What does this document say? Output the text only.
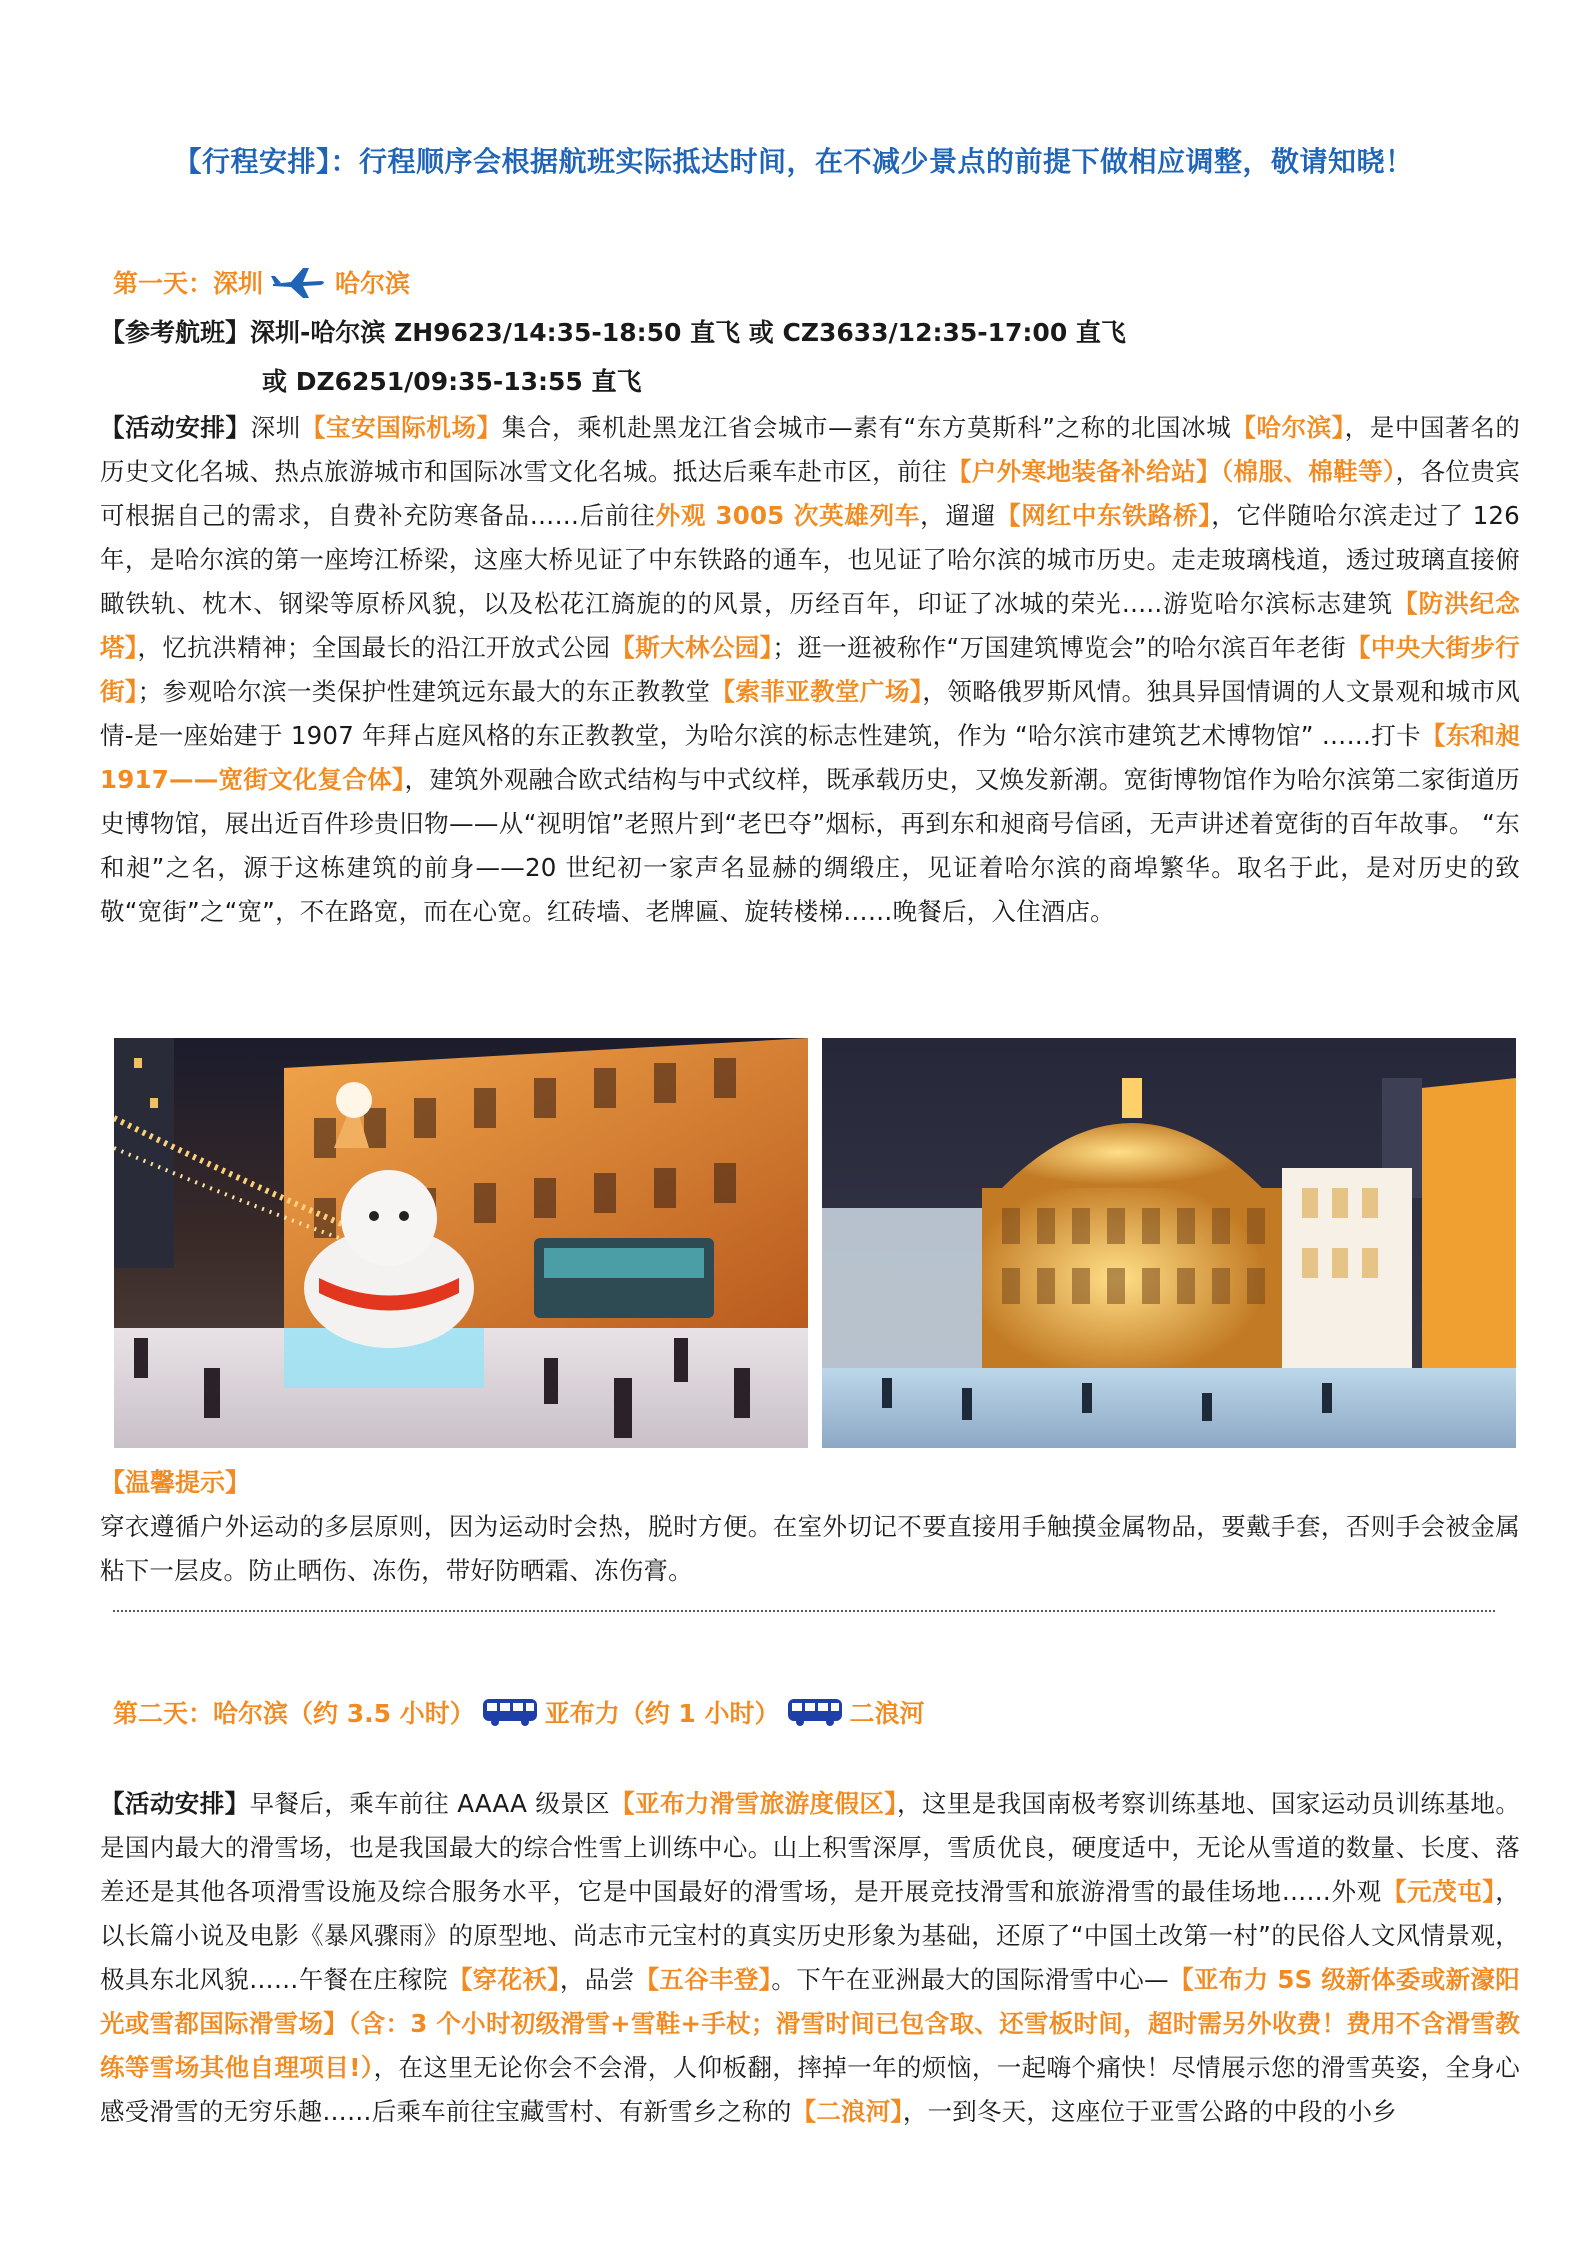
【行程安排】：行程顺序会根据航班实际抵达时间，在不减少景点的前提下做相应调整，敬请知晓！
第一天：深圳	哈尔滨
【参考航班】深圳-哈尔滨 ZH9623/14:35-18:50 直飞 或 CZ3633/12:35-17:00 直飞
或 DZ6251/09:35-13:55 直飞
【活动安排】深圳【宝安国际机场】集合，乘机赴黑龙江省会城市—素有“东方莫斯科”之称的北国冰城【哈尔滨】，是中国著名的历史文化名城、热点旅游城市和国际冰雪文化名城。抵达后乘车赴市区，前往【户外寒地装备补给站】（棉服、棉鞋等），各位贵宾可根据自己的需求，自费补充防寒备品……后前往外观 3005 次英雄列车，遛遛【网红中东铁路桥】，它伴随哈尔滨走过了 126 年，是哈尔滨的第一座垮江桥梁，这座大桥见证了中东铁路的通车，也见证了哈尔滨的城市历史。走走玻璃栈道，透过玻璃直接俯瞰铁轨、枕木、钢梁等原桥风貌，以及松花江旖旎的的风景，历经百年，印证了冰城的荣光…..游览哈尔滨标志建筑【防洪纪念塔】，忆抗洪精神；全国最长的沿江开放式公园【斯大林公园】；逛一逛被称作“万国建筑博览会”的哈尔滨百年老街【中央大街步行街】；参观哈尔滨一类保护性建筑远东最大的东正教教堂【索菲亚教堂广场】，领略俄罗斯风情。独具异国情调的人文景观和城市风情-是一座始建于 1907 年拜占庭风格的东正教教堂，为哈尔滨的标志性建筑，作为 “哈尔滨市建筑艺术博物馆” ……打卡【东和昶 1917——宽街文化复合体】，建筑外观融合欧式结构与中式纹样，既承载历史，又焕发新潮。宽街博物馆作为哈尔滨第二家街道历史博物馆，展出近百件珍贵旧物——从“视明馆”老照片到“老巴夺”烟标，再到东和昶商号信函，无声讲述着宽街的百年故事。 “东和昶”之名，源于这栋建筑的前身——20 世纪初一家声名显赫的绸缎庄，见证着哈尔滨的商埠繁华。取名于此，是对历史的致敬“宽街”之“宽”，不在路宽，而在心宽。红砖墙、老牌匾、旋转楼梯……晚餐后，入住酒店。
【温馨提示】
穿衣遵循户外运动的多层原则，因为运动时会热，脱时方便。在室外切记不要直接用手触摸金属物品，要戴手套，否则手会被金属粘下一层皮。防止晒伤、冻伤，带好防晒霜、冻伤膏。
第二天：哈尔滨（约 3.5 小时）	亚布力（约 1 小时）	二浪河
【活动安排】早餐后，乘车前往 AAAA 级景区【亚布力滑雪旅游度假区】，这里是我国南极考察训练基地、国家运动员训练基地。是国内最大的滑雪场，也是我国最大的综合性雪上训练中心。山上积雪深厚，雪质优良，硬度适中，无论从雪道的数量、长度、落差还是其他各项滑雪设施及综合服务水平，它是中国最好的滑雪场，是开展竞技滑雪和旅游滑雪的最佳场地……外观【元茂屯】，以长篇小说及电影《暴风骤雨》的原型地、尚志市元宝村的真实历史形象为基础，还原了“中国土改第一村”的民俗人文风情景观，极具东北风貌……午餐在庄稼院【穿花袄】，品尝【五谷丰登】。下午在亚洲最大的国际滑雪中心—【亚布力 5S 级新体委或新濠阳光或雪都国际滑雪场】（含：3 个小时初级滑雪+雪鞋+手杖；滑雪时间已包含取、还雪板时间，超时需另外收费！费用不含滑雪教练等雪场其他自理项目!），在这里无论你会不会滑，人仰板翻，摔掉一年的烦恼，一起嗨个痛快！尽情展示您的滑雪英姿，全身心感受滑雪的无穷乐趣……后乘车前往宝藏雪村、有新雪乡之称的【二浪河】，一到冬天，这座位于亚雪公路的中段的小乡
